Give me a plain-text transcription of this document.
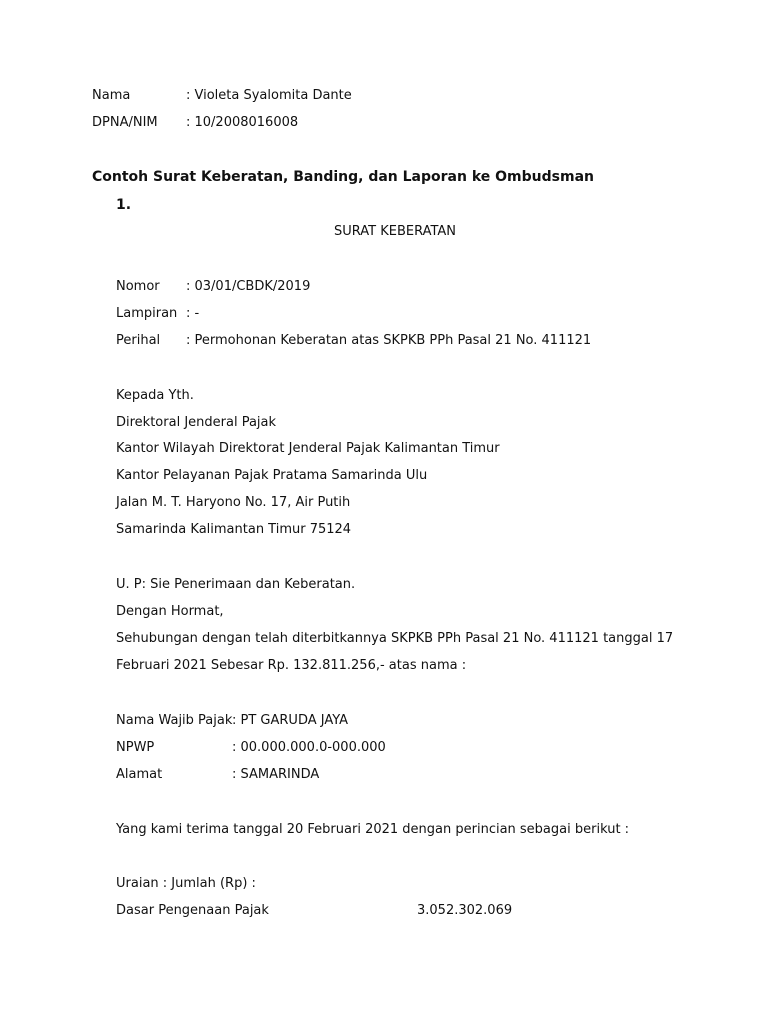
Nama	: Violeta Syalomita Dante
DPNA/NIM : 10/2008016008
Contoh Surat Keberatan, Banding, dan Laporan ke Ombudsman
1.
SURAT KEBERATAN
Nomor : 03/01/CBDK/2019
Lampiran : -
Perihal : Permohonan Keberatan atas SKPKB PPh Pasal 21 No. 411121
Kepada Yth.
Direktoral Jenderal Pajak
Kantor Wilayah Direktorat Jenderal Pajak Kalimantan Timur
Kantor Pelayanan Pajak Pratama Samarinda Ulu
Jalan M. T. Haryono No. 17, Air Putih
Samarinda Kalimantan Timur 75124
U. P: Sie Penerimaan dan Keberatan.
Dengan Hormat,
Sehubungan dengan telah diterbitkannya SKPKB PPh Pasal 21 No. 411121 tanggal 17
Februari 2021 Sebesar Rp. 132.811.256,- atas nama :
Nama Wajib Pajak : PT GARUDA JAYA
NPWP	: 00.000.000.0-000.000
Alamat	: SAMARINDA
Yang kami terima tanggal 20 Februari 2021 dengan perincian sebagai berikut :
Uraian : Jumlah (Rp) :
Dasar Pengenaan Pajak	3.052.302.069
